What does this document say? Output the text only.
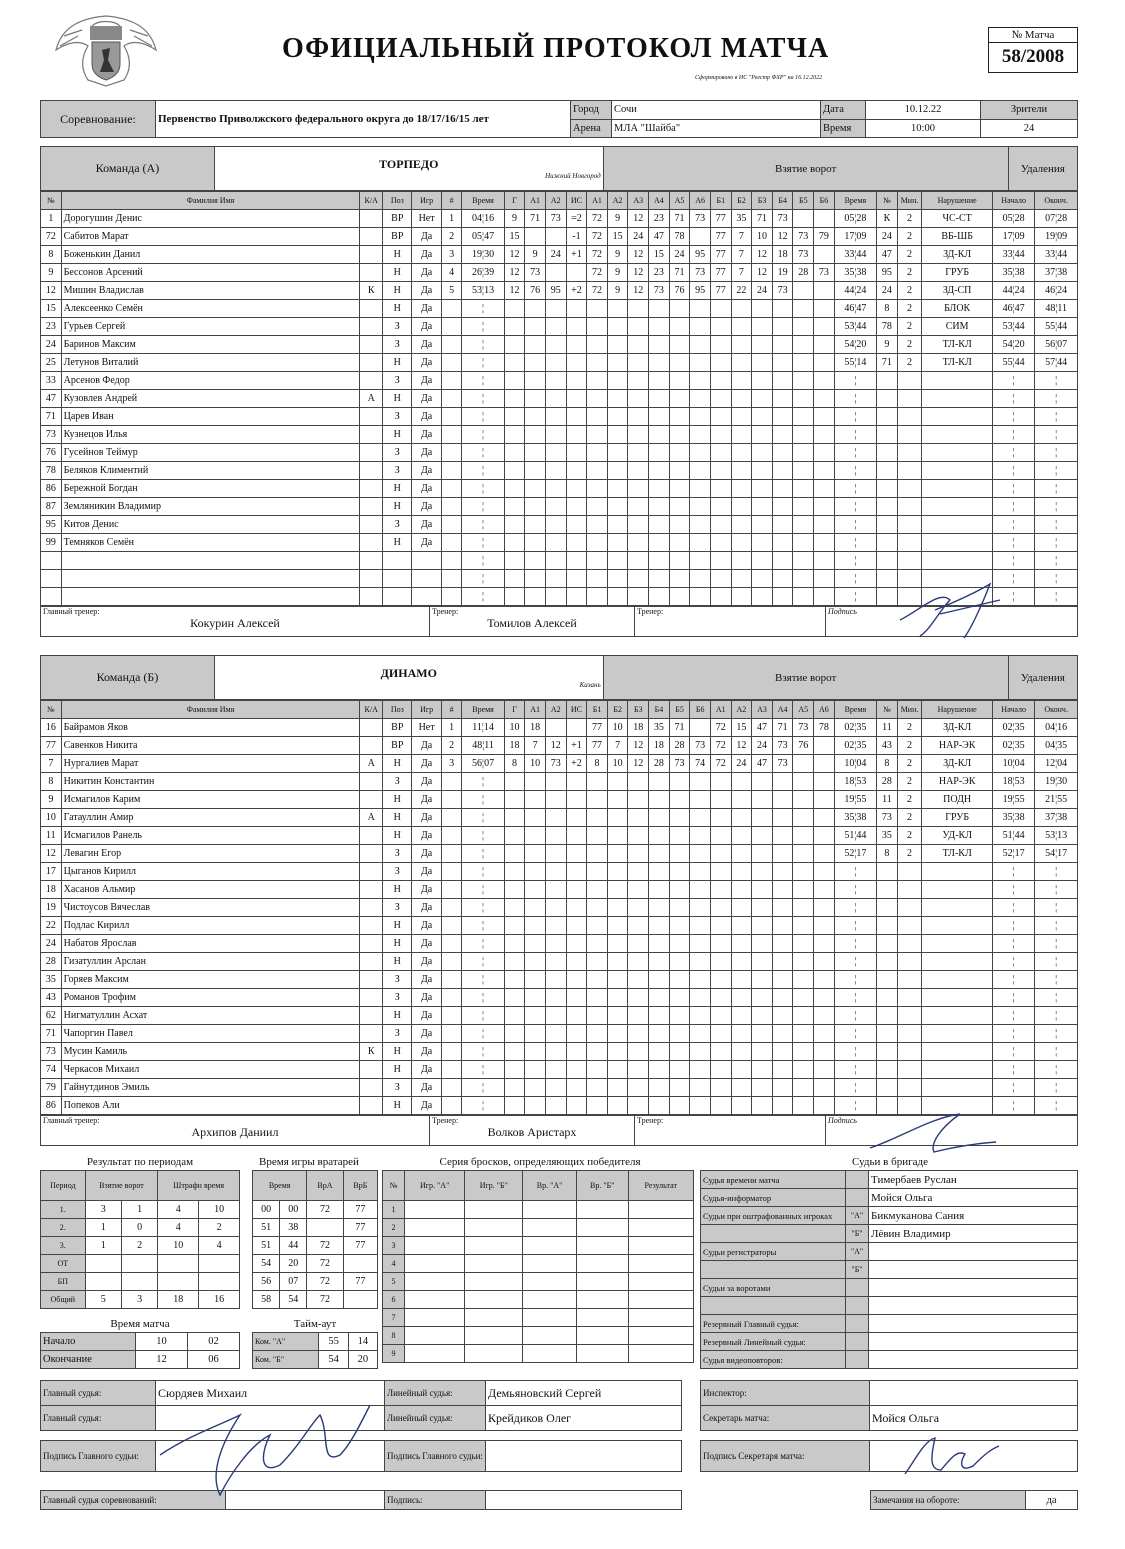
ОФИЦИАЛЬНЫЙ ПРОТОКОЛ МАТЧА
Сформировано в ИС "Реестр ФХР" на 16.12.2022
№ Матча
58/2008
Соревнование:	Первенство Приволжского федерального округа до 18/17/16/15 лет	Город	Сочи	Дата	10.12.22	Зрители
		Арена	МЛА "Шайба"	Время	10:00	24
Команда (А)	ТОРПЕДО
Нижний Новгород
	Взятие ворот	Удаления
№	Фамилия Имя	К/А	Поз	Игр	#	Время	Г	А1	А2	ИС	А1	А2	А3	А4	А5	А6	Б1	Б2	Б3	Б4	Б5	Б6	Время	№	Мин.	Нарушение	Начало	Оконч.
1	Дорогушин Денис		ВР	Нет	1	04¦16	9	71	73	=2	72	9	12	23	71	73	77	35	71	73			05¦28	К	2	ЧС-СТ	05¦28	07¦28
72	Сабитов Марат		ВР	Да	2	05¦47	15			-1	72	15	24	47	78		77	7	10	12	73	79	17¦09	24	2	ВБ-ШБ	17¦09	19¦09
8	Боженькин Данил		Н	Да	3	19¦30	12	9	24	+1	72	9	12	15	24	95	77	7	12	18	73		33¦44	47	2	ЗД-КЛ	33¦44	33¦44
9	Бессонов Арсений		Н	Да	4	26¦39	12	73			72	9	12	23	71	73	77	7	12	19	28	73	35¦38	95	2	ГРУБ	35¦38	37¦38
12	Мишин Владислав	К	Н	Да	5	53¦13	12	76	95	+2	72	9	12	73	76	95	77	22	24	73			44¦24	24	2	ЗД-СП	44¦24	46¦24
15	Алексеенко Семён		Н	Да		¦																	46¦47	8	2	БЛОК	46¦47	48¦11
23	Гурьев Сергей		З	Да		¦																	53¦44	78	2	СИМ	53¦44	55¦44
24	Баринов Максим		З	Да		¦																	54¦20	9	2	ТЛ-КЛ	54¦20	56¦07
25	Летунов Виталий		Н	Да		¦																	55¦14	71	2	ТЛ-КЛ	55¦44	57¦44
33	Арсенов Федор		З	Да		¦																	¦				¦	¦
47	Кузовлев Андрей	А	Н	Да		¦																	¦				¦	¦
71	Царев Иван		З	Да		¦																	¦				¦	¦
73	Кузнецов Илья		Н	Да		¦																	¦				¦	¦
76	Гусейнов Теймур		З	Да		¦																	¦				¦	¦
78	Беляков Климентий		З	Да		¦																	¦				¦	¦
86	Бережной Богдан		Н	Да		¦																	¦				¦	¦
87	Земляникин Владимир		Н	Да		¦																	¦				¦	¦
95	Китов Денис		З	Да		¦																	¦				¦	¦
99	Темняков Семён		Н	Да		¦																	¦				¦	¦
						¦																	¦				¦	¦
						¦																	¦				¦	¦
						¦																	¦				¦	¦
Главный тренер:
Кокурин Алексей

Тренер:
Томилов Алексей

Тренер:	Подпись
Команда (Б)	ДИНАМО
Казань
	Взятие ворот	Удаления
№	Фамилия Имя	К/А	Поз	Игр	#	Время	Г	А1	А2	ИС	Б1	Б2	Б3	Б4	Б5	Б6	А1	А2	А3	А4	А5	А6	Время	№	Мин.	Нарушение	Начало	Оконч.
16	Байрамов Яков		ВР	Нет	1	11¦14	10	18			77	10	18	35	71		72	15	47	71	73	78	02¦35	11	2	ЗД-КЛ	02¦35	04¦16
77	Савенков Никита		ВР	Да	2	48¦11	18	7	12	+1	77	7	12	18	28	73	72	12	24	73	76		02¦35	43	2	НАР-ЭК	02¦35	04¦35
7	Нургалиев Марат	А	Н	Да	3	56¦07	8	10	73	+2	8	10	12	28	73	74	72	24	47	73			10¦04	8	2	ЗД-КЛ	10¦04	12¦04
8	Никитин Константин		З	Да		¦																	18¦53	28	2	НАР-ЭК	18¦53	19¦30
9	Исмагилов Карим		Н	Да		¦																	19¦55	11	2	ПОДН	19¦55	21¦55
10	Гатауллин Амир	А	Н	Да		¦																	35¦38	73	2	ГРУБ	35¦38	37¦38
11	Исмагилов Ранель		Н	Да		¦																	51¦44	35	2	УД-КЛ	51¦44	53¦13
12	Левагин Егор		З	Да		¦																	52¦17	8	2	ТЛ-КЛ	52¦17	54¦17
17	Цыганов Кирилл		З	Да		¦																	¦				¦	¦
18	Хасанов Альмир		Н	Да		¦																	¦				¦	¦
19	Чистоусов Вячеслав		З	Да		¦																	¦				¦	¦
22	Подлас Кирилл		Н	Да		¦																	¦				¦	¦
24	Набатов Ярослав		Н	Да		¦																	¦				¦	¦
28	Гизатуллин Арслан		Н	Да		¦																	¦				¦	¦
35	Горяев Максим		З	Да		¦																	¦				¦	¦
43	Романов Трофим		З	Да		¦																	¦				¦	¦
62	Нигматуллин Асхат		Н	Да		¦																	¦				¦	¦
71	Чапоргин Павел		З	Да		¦																	¦				¦	¦
73	Мусин Камиль	К	Н	Да		¦																	¦				¦	¦
74	Черкасов Михаил		Н	Да		¦																	¦				¦	¦
79	Гайнутдинов Эмиль		З	Да		¦																	¦				¦	¦
86	Попеков Али		Н	Да		¦																	¦				¦	¦
Главный тренер:
Архипов Даниил

Тренер:
Волков Аристарх

Тренер:	Подпись
Результат по периодам	Время игры вратарей	Серия бросков, определяющих победителя	Судьи в бригаде
Период	Взятие ворот		Штрафн время	
1.	3	1	4	10
2.	1	0	4	2
3.	1	2	10	4
ОТ				
БП				
Общий	5	3	18	16
Время		ВрА	ВрБ
00	00	72	77
51	38		77
51	44	72	77
54	20	72	
56	07	72	77
58	54	72	
№	Игр. "А"	Игр. "Б"	Вр. "А"	Вр. "Б"	Результат
1					
2					
3					
4					
5					
6					
7					
8					
9					
Судья времени матча		Тимербаев Руслан
Судья-информатор		Мойся Ольга
Судьи при оштрафованных игроках	"А"	Бикмуканова Сания
	"Б"	Лёвин Владимир
Судьи регистраторы	"А"	
	"Б"	
Судьи за воротами		

Резервный Главный судья:		
Резервный Линейный судья:		
Судья видеоповторов:		
Время матча	Тайм-аут
Начало	10	02
Окончание	12	06
Ком. "А"	55	14
Ком. "Б"	54	20
Главный судья:	Сюрдяев Михаил	Линейный судья:	Демьяновский Сергей
Главный судья:		Линейный судья:	Крейдиков Олег
Подпись Главного судьи:		Подпись Главного судьи:	
Главный судья соревнований:		Подпись:	
Инспектор:	
Секретарь матча:	Мойся Ольга
Подпись Секретаря матча:	
Замечания на обороте:	да
